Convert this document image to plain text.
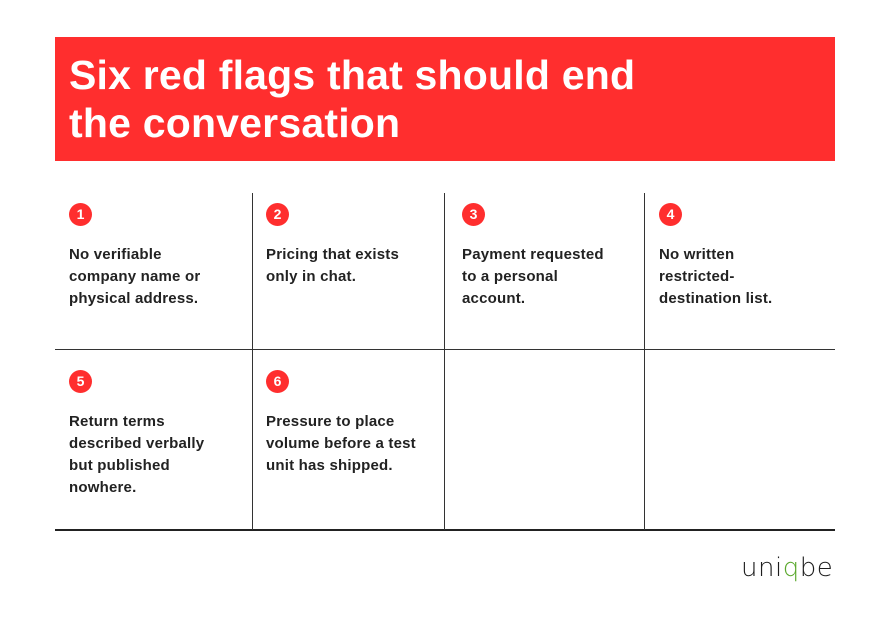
Six red flags that should end
the conversation
1
No verifiable
company name or
physical address.
2
Pricing that exists
only in chat.
3
Payment requested
to a personal
account.
4
No written
restricted-
destination list.
5
Return terms
described verbally
but published
nowhere.
6
Pressure to place
volume before a test
unit has shipped.
uniqbe
